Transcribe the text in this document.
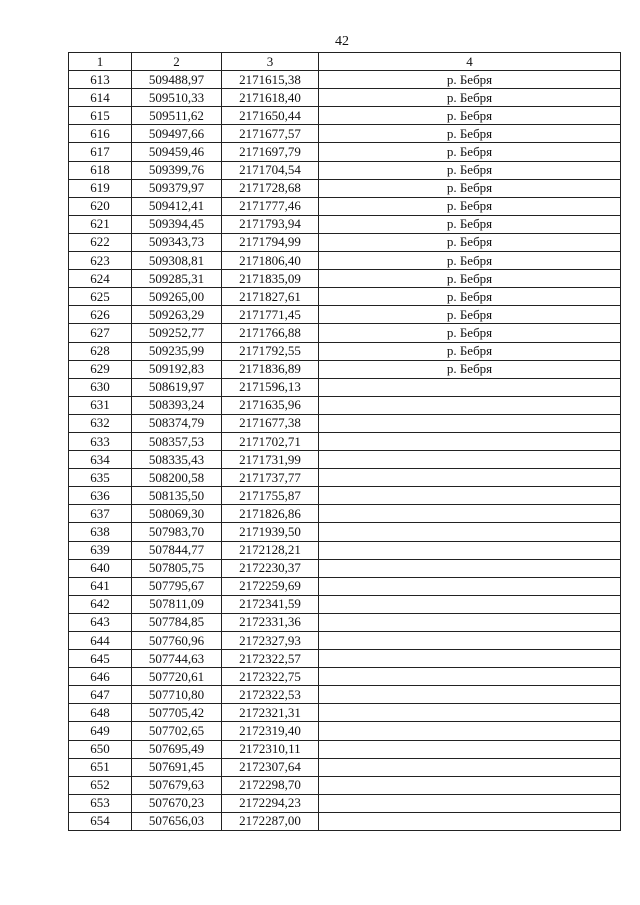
42
1	2	3	4
613	509488,97	2171615,38	р. Бебря
614	509510,33	2171618,40	р. Бебря
615	509511,62	2171650,44	р. Бебря
616	509497,66	2171677,57	р. Бебря
617	509459,46	2171697,79	р. Бебря
618	509399,76	2171704,54	р. Бебря
619	509379,97	2171728,68	р. Бебря
620	509412,41	2171777,46	р. Бебря
621	509394,45	2171793,94	р. Бебря
622	509343,73	2171794,99	р. Бебря
623	509308,81	2171806,40	р. Бебря
624	509285,31	2171835,09	р. Бебря
625	509265,00	2171827,61	р. Бебря
626	509263,29	2171771,45	р. Бебря
627	509252,77	2171766,88	р. Бебря
628	509235,99	2171792,55	р. Бебря
629	509192,83	2171836,89	р. Бебря
630	508619,97	2171596,13	
631	508393,24	2171635,96	
632	508374,79	2171677,38	
633	508357,53	2171702,71	
634	508335,43	2171731,99	
635	508200,58	2171737,77	
636	508135,50	2171755,87	
637	508069,30	2171826,86	
638	507983,70	2171939,50	
639	507844,77	2172128,21	
640	507805,75	2172230,37	
641	507795,67	2172259,69	
642	507811,09	2172341,59	
643	507784,85	2172331,36	
644	507760,96	2172327,93	
645	507744,63	2172322,57	
646	507720,61	2172322,75	
647	507710,80	2172322,53	
648	507705,42	2172321,31	
649	507702,65	2172319,40	
650	507695,49	2172310,11	
651	507691,45	2172307,64	
652	507679,63	2172298,70	
653	507670,23	2172294,23	
654	507656,03	2172287,00	
